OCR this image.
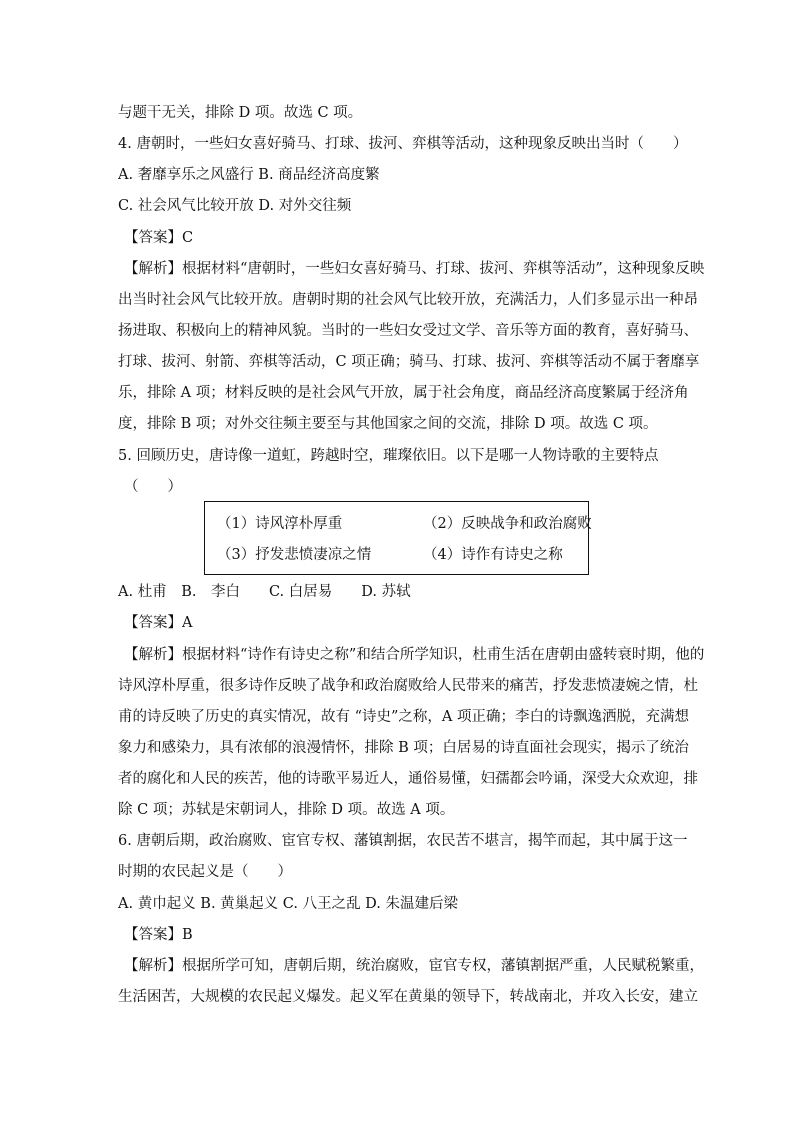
与题干无关，排除 D 项。故选 C 项。
4. 唐朝时，一些妇女喜好骑马、打球、拔河、弈棋等活动，这种现象反映出当时（　　）
A. 奢靡享乐之风盛行 B. 商品经济高度繁
C. 社会风气比较开放 D. 对外交往频
【答案】C
【解析】根据材料“唐朝时，一些妇女喜好骑马、打球、拔河、弈棋等活动”，这种现象反映
出当时社会风气比较开放。唐朝时期的社会风气比较开放，充满活力，人们多显示出一种昂
扬进取、积极向上的精神风貌。当时的一些妇女受过文学、音乐等方面的教育，喜好骑马、
打球、拔河、射箭、弈棋等活动，C 项正确；骑马、打球、拔河、弈棋等活动不属于奢靡享
乐，排除 A 项；材料反映的是社会风气开放，属于社会角度，商品经济高度繁属于经济角
度，排除 B 项；对外交往频主要至与其他国家之间的交流，排除 D 项。故选 C 项。
5. 回顾历史，唐诗像一道虹，跨越时空，璀璨依旧。以下是哪一人物诗歌的主要特点
（　　）
（1）诗风淳朴厚重	（2）反映战争和政治腐败
（3）抒发悲愤凄凉之情	（4）诗作有诗史之称
A. 杜甫　B.　李白　　C. 白居易　　D. 苏轼
【答案】A
【解析】根据材料“诗作有诗史之称”和结合所学知识，杜甫生活在唐朝由盛转衰时期，他的
诗风淳朴厚重，很多诗作反映了战争和政治腐败给人民带来的痛苦，抒发悲愤凄婉之情，杜
甫的诗反映了历史的真实情况，故有 “诗史”之称，A 项正确；李白的诗飘逸洒脱，充满想
象力和感染力，具有浓郁的浪漫情怀，排除 B 项；白居易的诗直面社会现实，揭示了统治
者的腐化和人民的疾苦，他的诗歌平易近人，通俗易懂，妇孺都会吟诵，深受大众欢迎，排
除 C 项；苏轼是宋朝词人，排除 D 项。故选 A 项。
6. 唐朝后期，政治腐败、宦官专权、藩镇割据，农民苦不堪言，揭竿而起，其中属于这一
时期的农民起义是（　　）
A. 黄巾起义 B. 黄巢起义 C. 八王之乱 D. 朱温建后梁
【答案】B
【解析】根据所学可知，唐朝后期，统治腐败，宦官专权，藩镇割据严重，人民赋税繁重，
生活困苦，大规模的农民起义爆发。起义军在黄巢的领导下，转战南北，并攻入长安，建立
